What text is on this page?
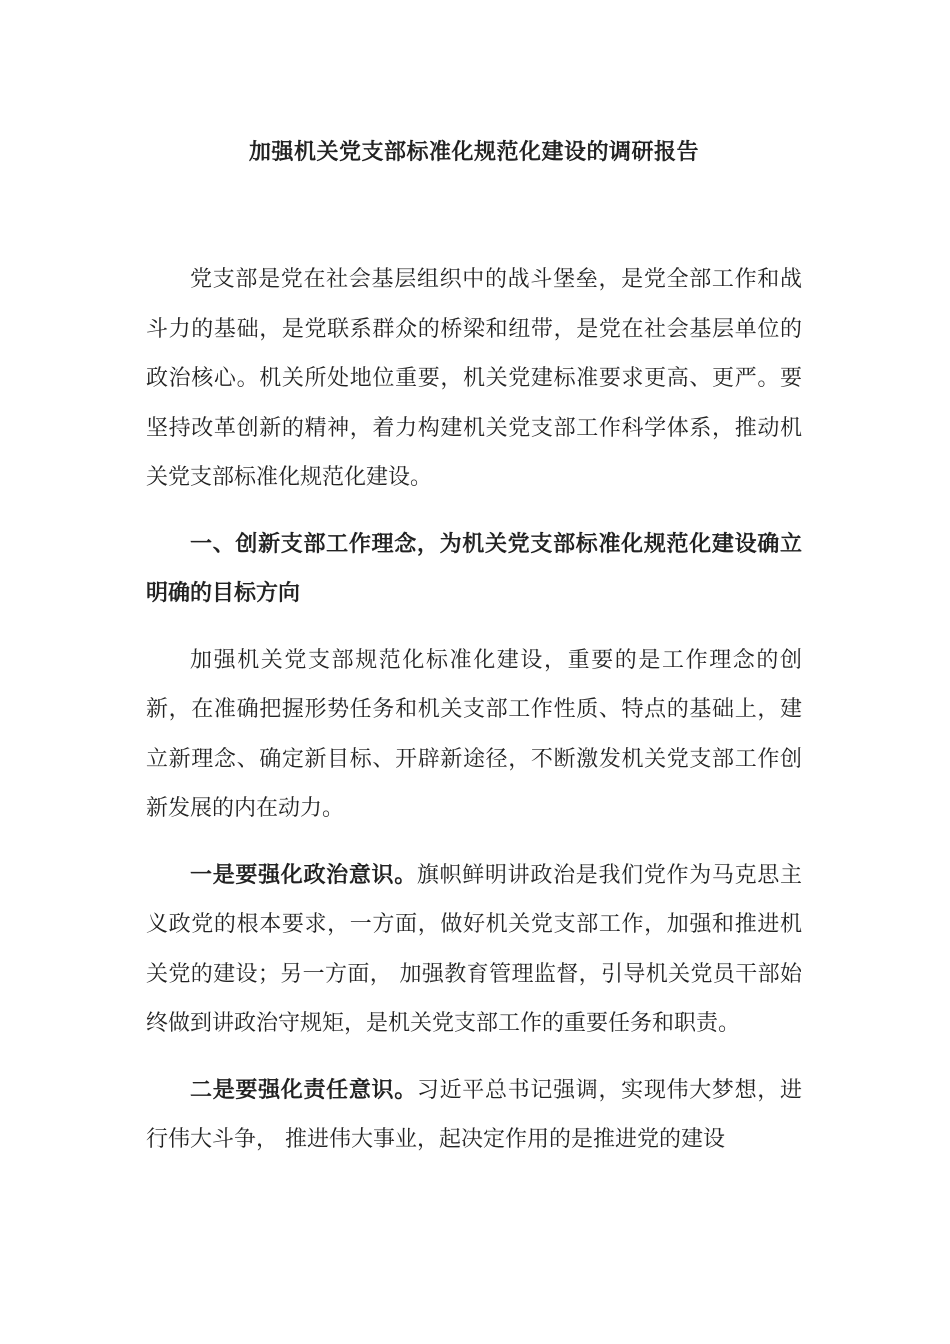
加强机关党支部标准化规范化建设的调研报告

党支部是党在社会基层组织中的战斗堡垒，是党全部工作和战斗力的基础，是党联系群众的桥梁和纽带，是党在社会基层单位的政治核心。机关所处地位重要，机关党建标准要求更高、更严。要坚持改革创新的精神，着力构建机关党支部工作科学体系，推动机关党支部标准化规范化建设。

一、创新支部工作理念，为机关党支部标准化规范化建设确立明确的目标方向

加强机关党支部规范化标准化建设，重要的是工作理念的创新，在准确把握形势任务和机关支部工作性质、特点的基础上，建立新理念、确定新目标、开辟新途径，不断激发机关党支部工作创新发展的内在动力。

一是要强化政治意识。旗帜鲜明讲政治是我们党作为马克思主义政党的根本要求，一方面，做好机关党支部工作，加强和推进机关党的建设；另一方面， 加强教育管理监督，引导机关党员干部始终做到讲政治守规矩，是机关党支部工作的重要任务和职责。

二是要强化责任意识。习近平总书记强调，实现伟大梦想，进行伟大斗争， 推进伟大事业，起决定作用的是推进党的建设
